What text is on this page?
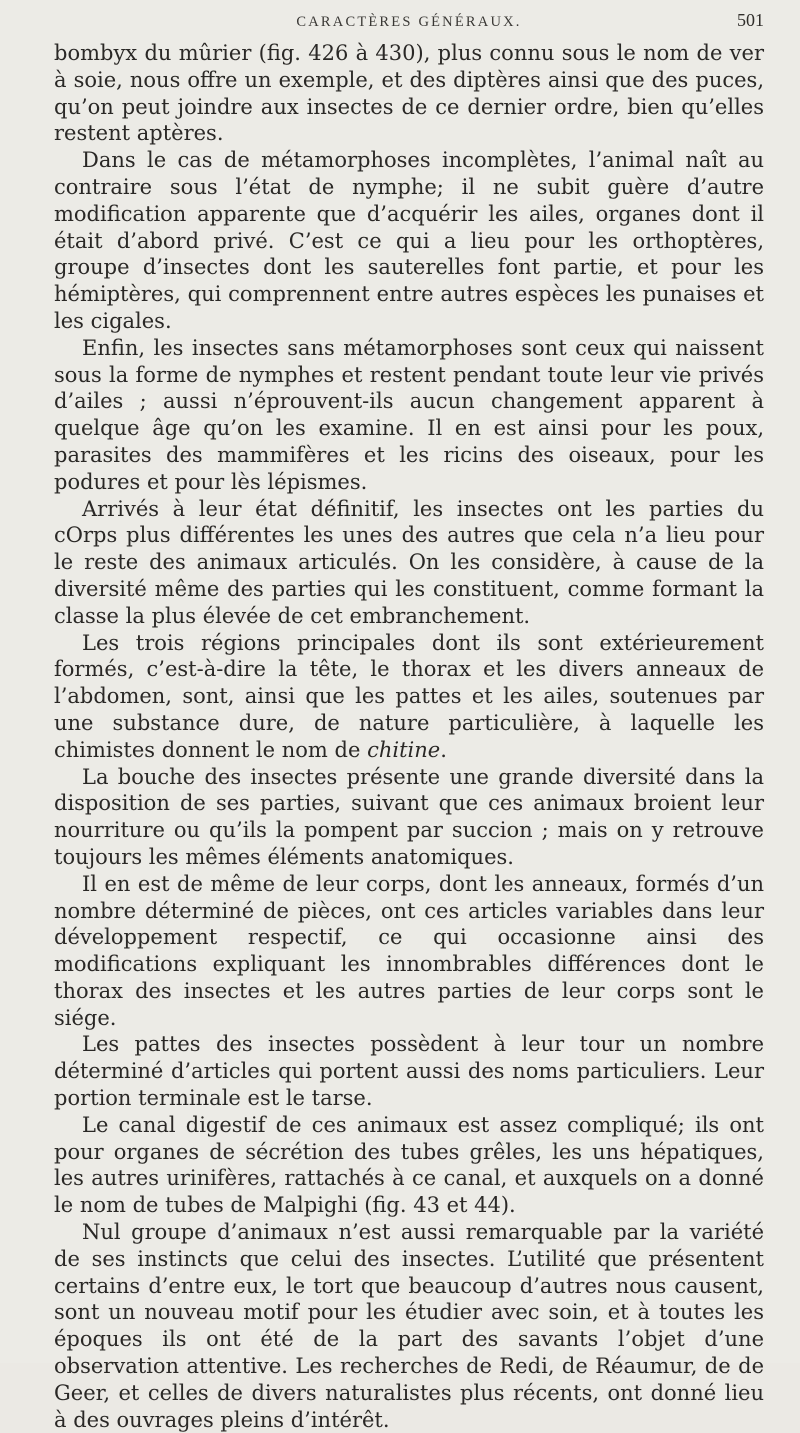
CARACTÈRES GÉNÉRAUX.	501

bombyx du mûrier (fig. 426 à 430), plus connu sous le nom de ver à soie, nous offre un exemple, et des diptères ainsi que des puces, qu’on peut joindre aux insectes de ce dernier ordre, bien qu’elles restent aptères.

Dans le cas de métamorphoses incomplètes, l’animal naît au contraire sous l’état de nymphe; il ne subit guère d’autre modification apparente que d’acquérir les ailes, organes dont il était d’abord privé. C’est ce qui a lieu pour les orthoptères, groupe d’insectes dont les sauterelles font partie, et pour les hémiptères, qui comprennent entre autres espèces les punaises et les cigales.

Enfin, les insectes sans métamorphoses sont ceux qui naissent sous la forme de nymphes et restent pendant toute leur vie privés d’ailes ; aussi n’éprouvent-ils aucun changement apparent à quelque âge qu’on les examine. Il en est ainsi pour les poux, parasites des mammifères et les ricins des oiseaux, pour les podures et pour lès lépismes.

Arrivés à leur état définitif, les insectes ont les parties du cOrps plus différentes les unes des autres que cela n’a lieu pour le reste des animaux articulés. On les considère, à cause de la diversité même des parties qui les constituent, comme formant la classe la plus élevée de cet embranchement.

Les trois régions principales dont ils sont extérieurement formés, c’est-à-dire la tête, le thorax et les divers anneaux de l’abdomen, sont, ainsi que les pattes et les ailes, soutenues par une substance dure, de nature particulière, à laquelle les chimistes donnent le nom de chitine.

La bouche des insectes présente une grande diversité dans la disposition de ses parties, suivant que ces animaux broient leur nourriture ou qu’ils la pompent par succion ; mais on y retrouve toujours les mêmes éléments anatomiques.

Il en est de même de leur corps, dont les anneaux, formés d’un nombre déterminé de pièces, ont ces articles variables dans leur développement respectif, ce qui occasionne ainsi des modifications expliquant les innombrables différences dont le thorax des insectes et les autres parties de leur corps sont le siége.

Les pattes des insectes possèdent à leur tour un nombre déterminé d’articles qui portent aussi des noms particuliers. Leur portion terminale est le tarse.

Le canal digestif de ces animaux est assez compliqué; ils ont pour organes de sécrétion des tubes grêles, les uns hépatiques, les autres urinifères, rattachés à ce canal, et auxquels on a donné le nom de tubes de Malpighi (fig. 43 et 44).

Nul groupe d’animaux n’est aussi remarquable par la variété de ses instincts que celui des insectes. L’utilité que présentent certains d’entre eux, le tort que beaucoup d’autres nous causent, sont un nouveau motif pour les étudier avec soin, et à toutes les époques ils ont été de la part des savants l’objet d’une observation attentive. Les recherches de Redi, de Réaumur, de de Geer, et celles de divers naturalistes plus récents, ont donné lieu à des ouvrages pleins d’intérêt.
